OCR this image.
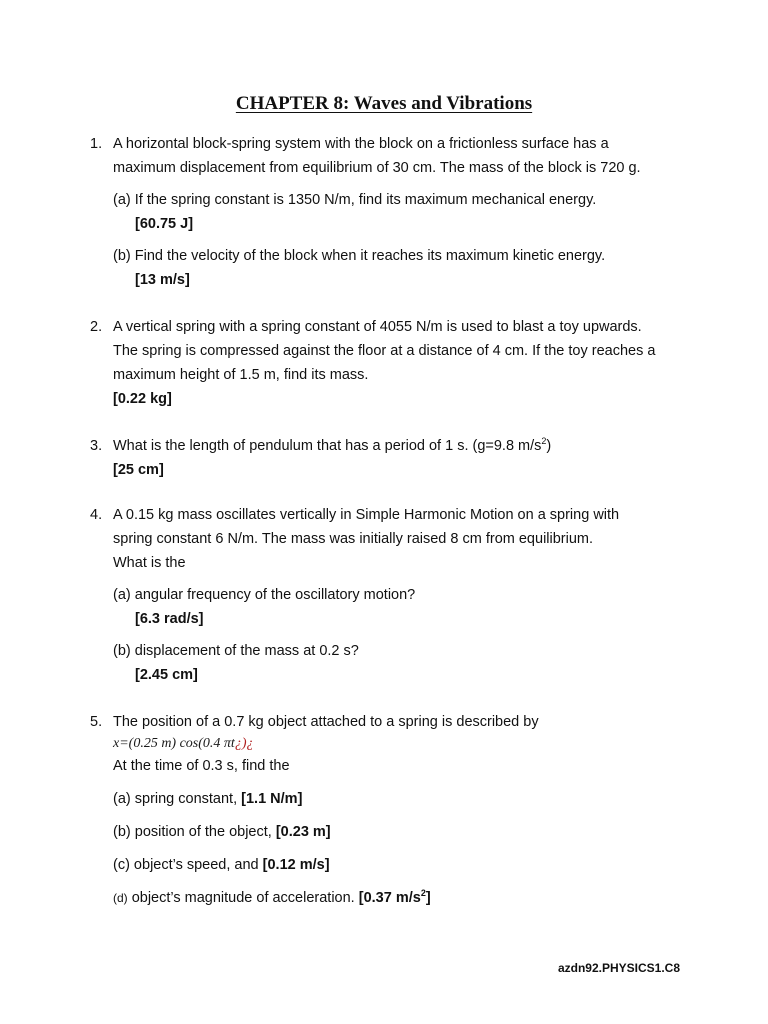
CHAPTER 8: Waves and Vibrations
1. A horizontal block-spring system with the block on a frictionless surface has a
maximum displacement from equilibrium of 30 cm. The mass of the block is 720 g.
(a) If the spring constant is 1350 N/m, find its maximum mechanical energy.
[60.75 J]
(b) Find the velocity of the block when it reaches its maximum kinetic energy.
[13 m/s]
2. A vertical spring with a spring constant of 4055 N/m is used to blast a toy upwards.
The spring is compressed against the floor at a distance of 4 cm. If the toy reaches a
maximum height of 1.5 m, find its mass.
[0.22 kg]
3. What is the length of pendulum that has a period of 1 s. (g=9.8 $m/s^2$)
[25 cm]
4. A 0.15 kg mass oscillates vertically in Simple Harmonic Motion on a spring with
spring constant 6 N/m. The mass was initially raised 8 cm from equilibrium.
What is the
(a) angular frequency of the oscillatory motion?
[6.3 rad/s]
(b) displacement of the mass at 0.2 s?
[2.45 cm]
5. The position of a 0.7 kg object attached to a spring is described by
x=(0.25 m) cos(0.4 πt¿)¿
At the time of 0.3 s, find the
(a) spring constant, [1.1 N/m]
(b) position of the object, [0.23 m]
(c) object’s speed, and [0.12 m/s]
(d) object’s magnitude of acceleration. [0.37 $m/s^2$]
azdn92.PHYSICS1.C8
